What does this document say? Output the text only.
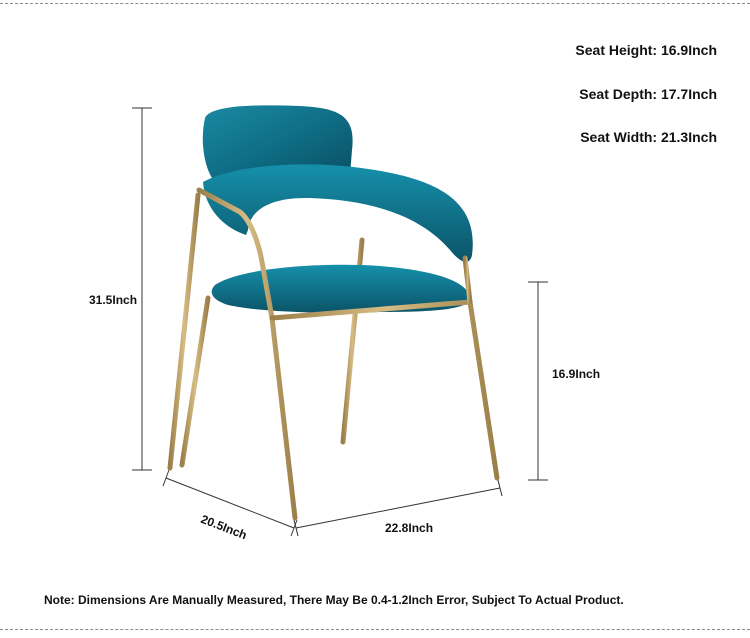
Seat Height: 16.9Inch
Seat Depth: 17.7Inch
Seat Width: 21.3Inch
31.5Inch
16.9Inch
20.5Inch	22.8Inch
Note: Dimensions Are Manually Measured, There May Be 0.4-1.2Inch Error, Subject To Actual Product.
